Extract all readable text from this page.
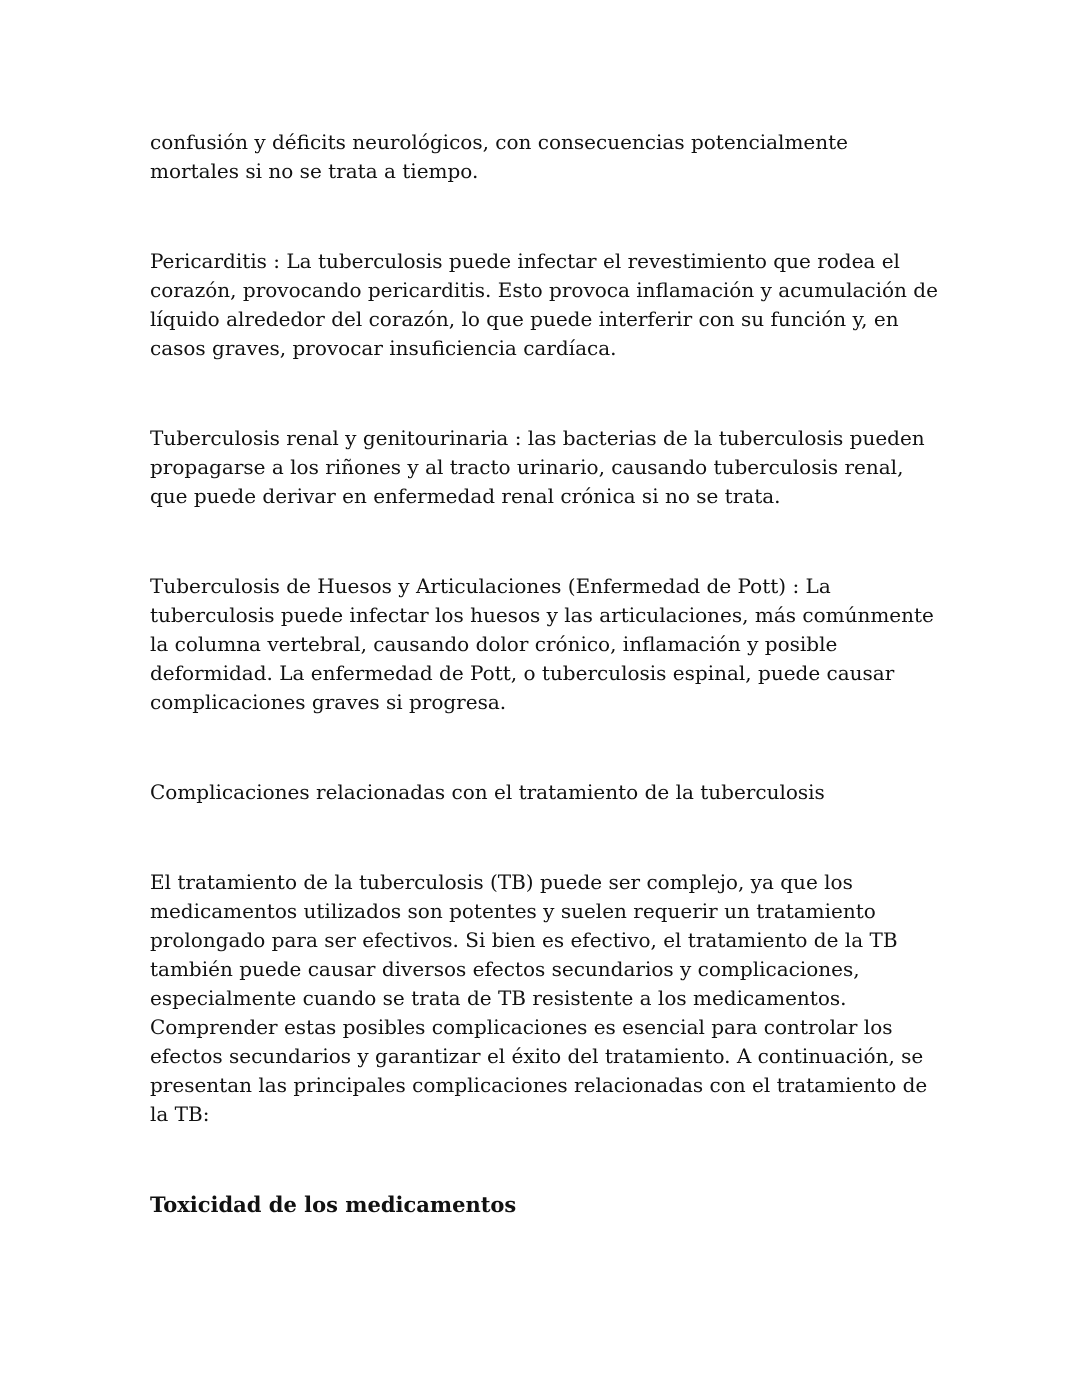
confusión y déficits neurológicos, con consecuencias potencialmente mortales si no se trata a tiempo.

Pericarditis : La tuberculosis puede infectar el revestimiento que rodea el corazón, provocando pericarditis. Esto provoca inflamación y acumulación de líquido alrededor del corazón, lo que puede interferir con su función y, en casos graves, provocar insuficiencia cardíaca.

Tuberculosis renal y genitourinaria : las bacterias de la tuberculosis pueden propagarse a los riñones y al tracto urinario, causando tuberculosis renal, que puede derivar en enfermedad renal crónica si no se trata.

Tuberculosis de Huesos y Articulaciones (Enfermedad de Pott) : La tuberculosis puede infectar los huesos y las articulaciones, más comúnmente la columna vertebral, causando dolor crónico, inflamación y posible deformidad. La enfermedad de Pott, o tuberculosis espinal, puede causar complicaciones graves si progresa.

Complicaciones relacionadas con el tratamiento de la tuberculosis

El tratamiento de la tuberculosis (TB) puede ser complejo, ya que los medicamentos utilizados son potentes y suelen requerir un tratamiento prolongado para ser efectivos. Si bien es efectivo, el tratamiento de la TB también puede causar diversos efectos secundarios y complicaciones, especialmente cuando se trata de TB resistente a los medicamentos. Comprender estas posibles complicaciones es esencial para controlar los efectos secundarios y garantizar el éxito del tratamiento. A continuación, se presentan las principales complicaciones relacionadas con el tratamiento de la TB:

Toxicidad de los medicamentos
